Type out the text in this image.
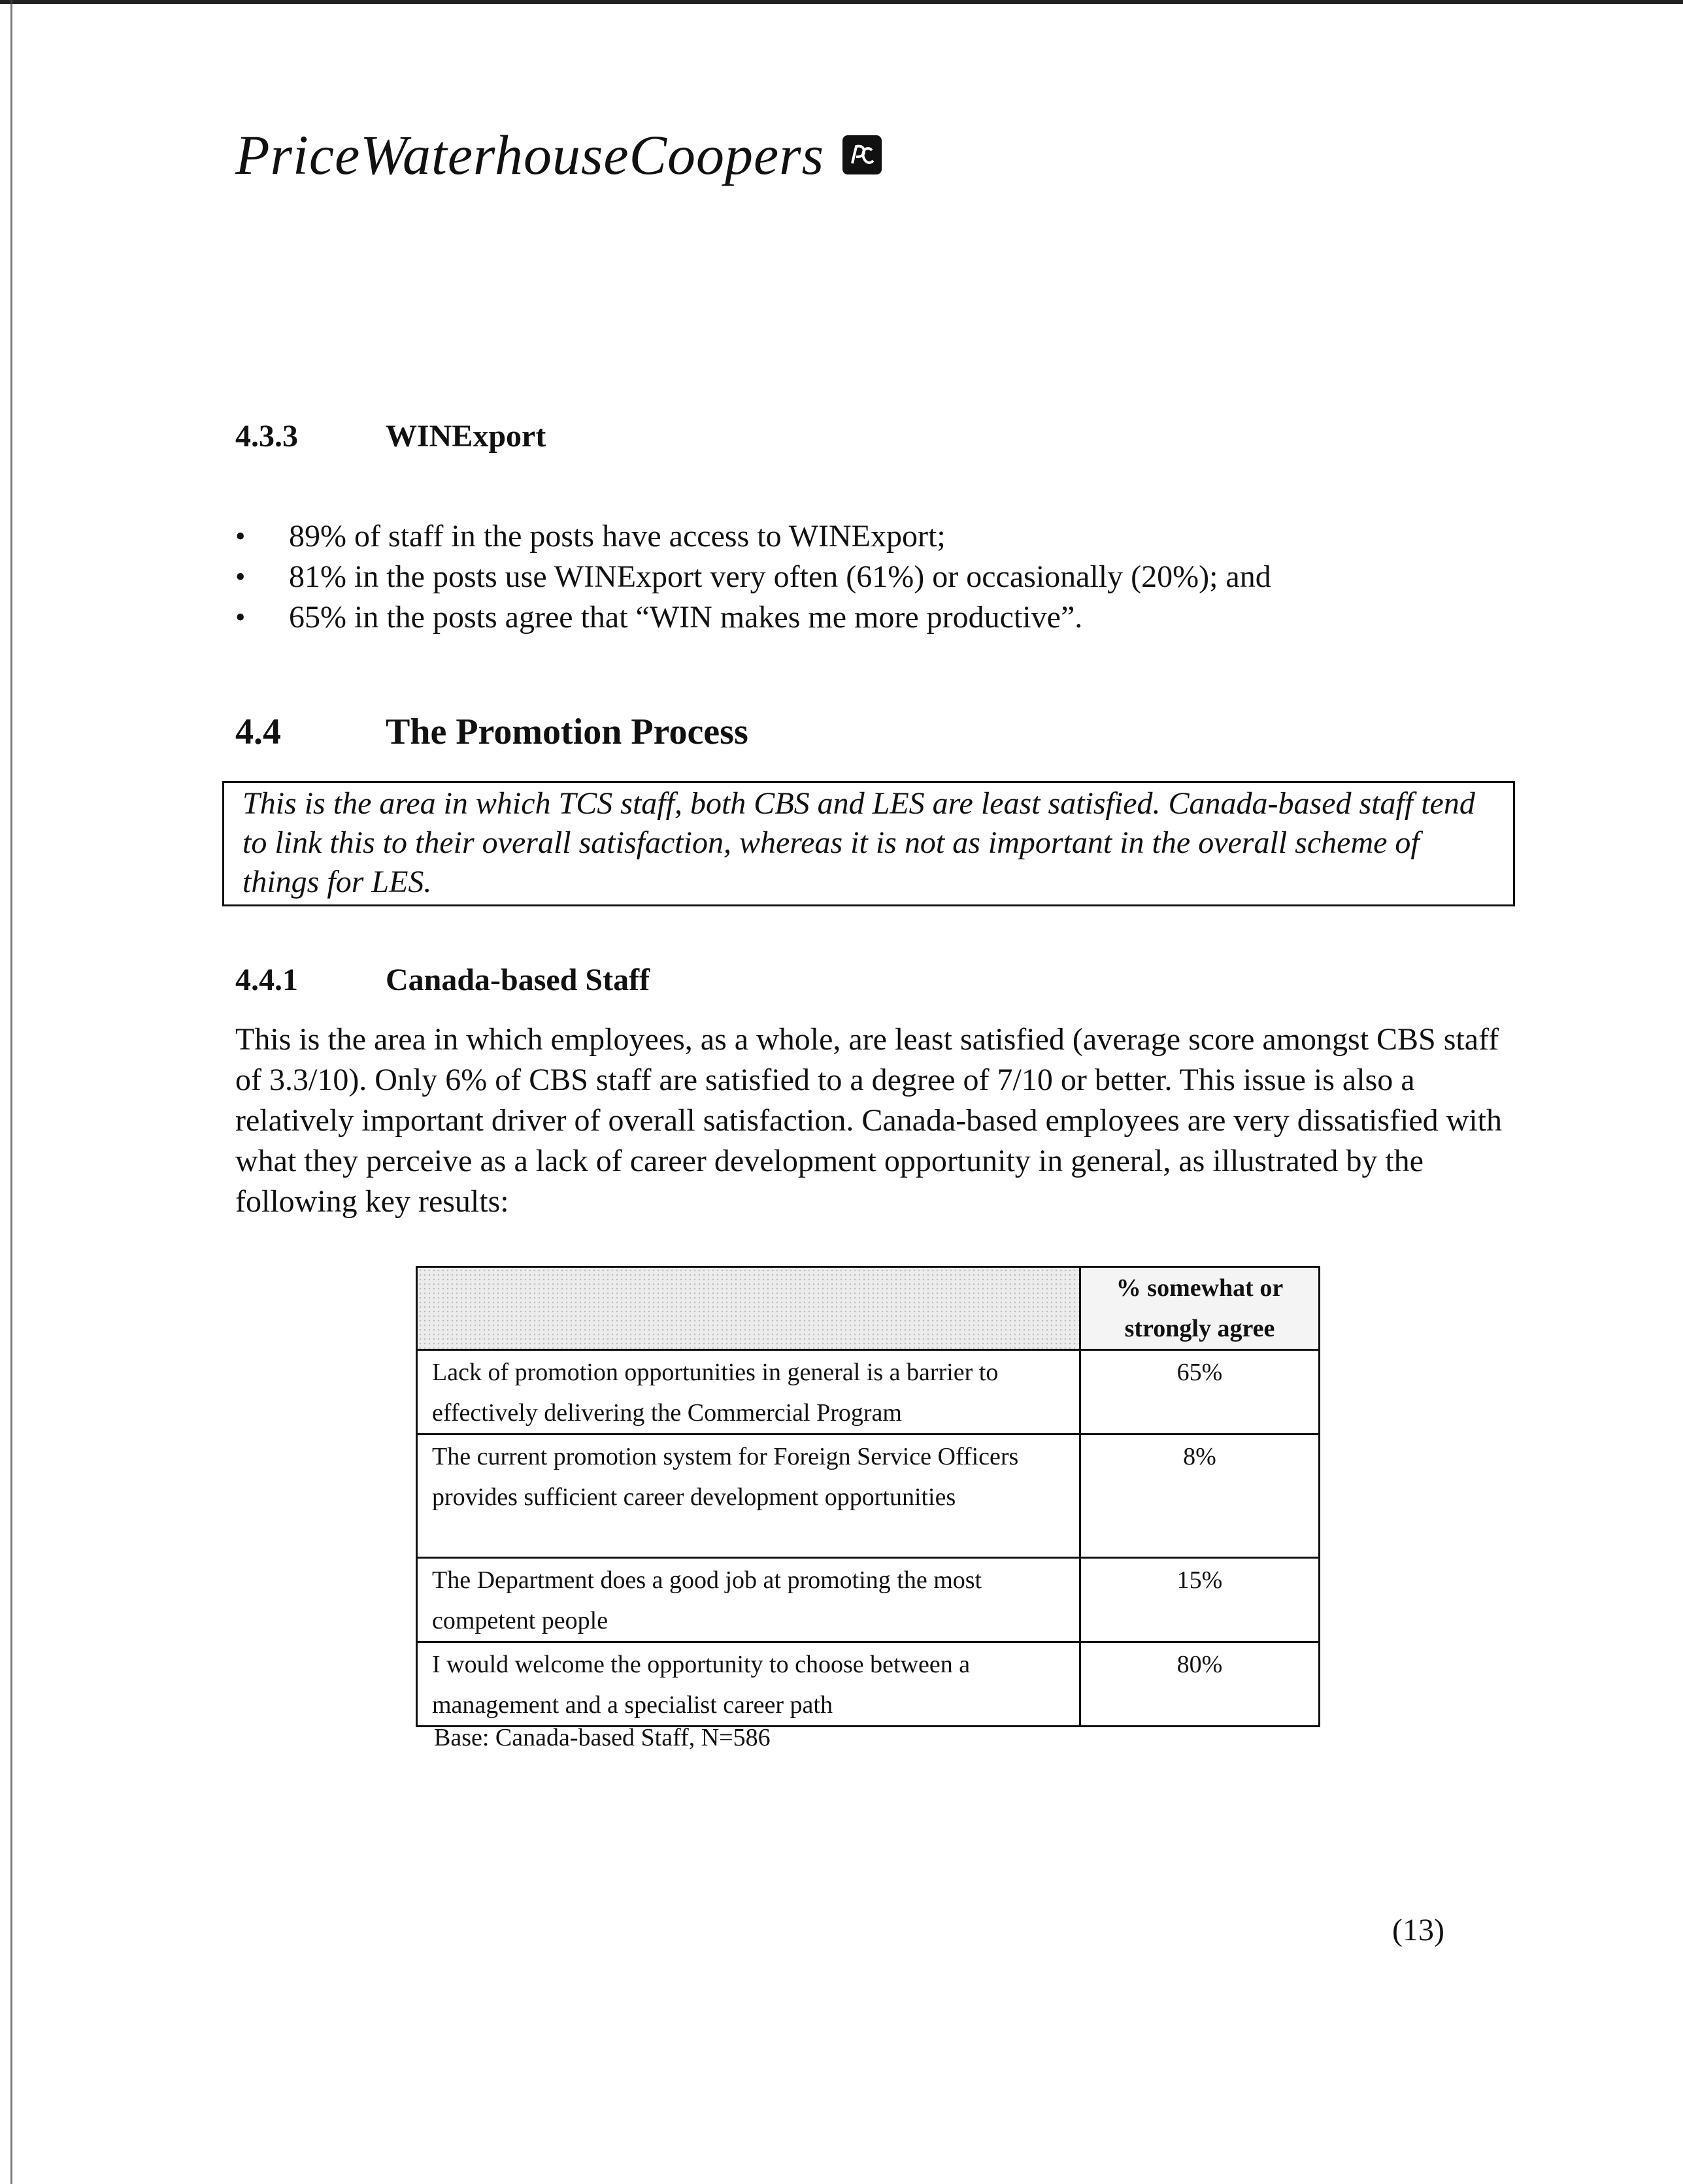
PriceWaterhouseCoopers
4.3.3	WINExport
•	89% of staff in the posts have access to WINExport;
•	81% in the posts use WINExport very often (61%) or occasionally (20%); and
•	65% in the posts agree that “WIN makes me more productive”.
4.4	The Promotion Process
This is the area in which TCS staff, both CBS and LES are least satisfied. Canada-based staff tend to link this to their overall satisfaction, whereas it is not as important in the overall scheme of things for LES.
4.4.1	Canada-based Staff
This is the area in which employees, as a whole, are least satisfied (average score amongst CBS staff of 3.3/10). Only 6% of CBS staff are satisfied to a degree of 7/10 or better. This issue is also a relatively important driver of overall satisfaction. Canada-based employees are very dissatisfied with what they perceive as a lack of career development opportunity in general, as illustrated by the following key results:
	% somewhat or strongly agree
Lack of promotion opportunities in general is a barrier to effectively delivering the Commercial Program	65%
The current promotion system for Foreign Service Officers provides sufficient career development opportunities	8%
The Department does a good job at promoting the most competent people	15%
I would welcome the opportunity to choose between a management and a specialist career path	80%
Base: Canada-based Staff, N=586
(13)
